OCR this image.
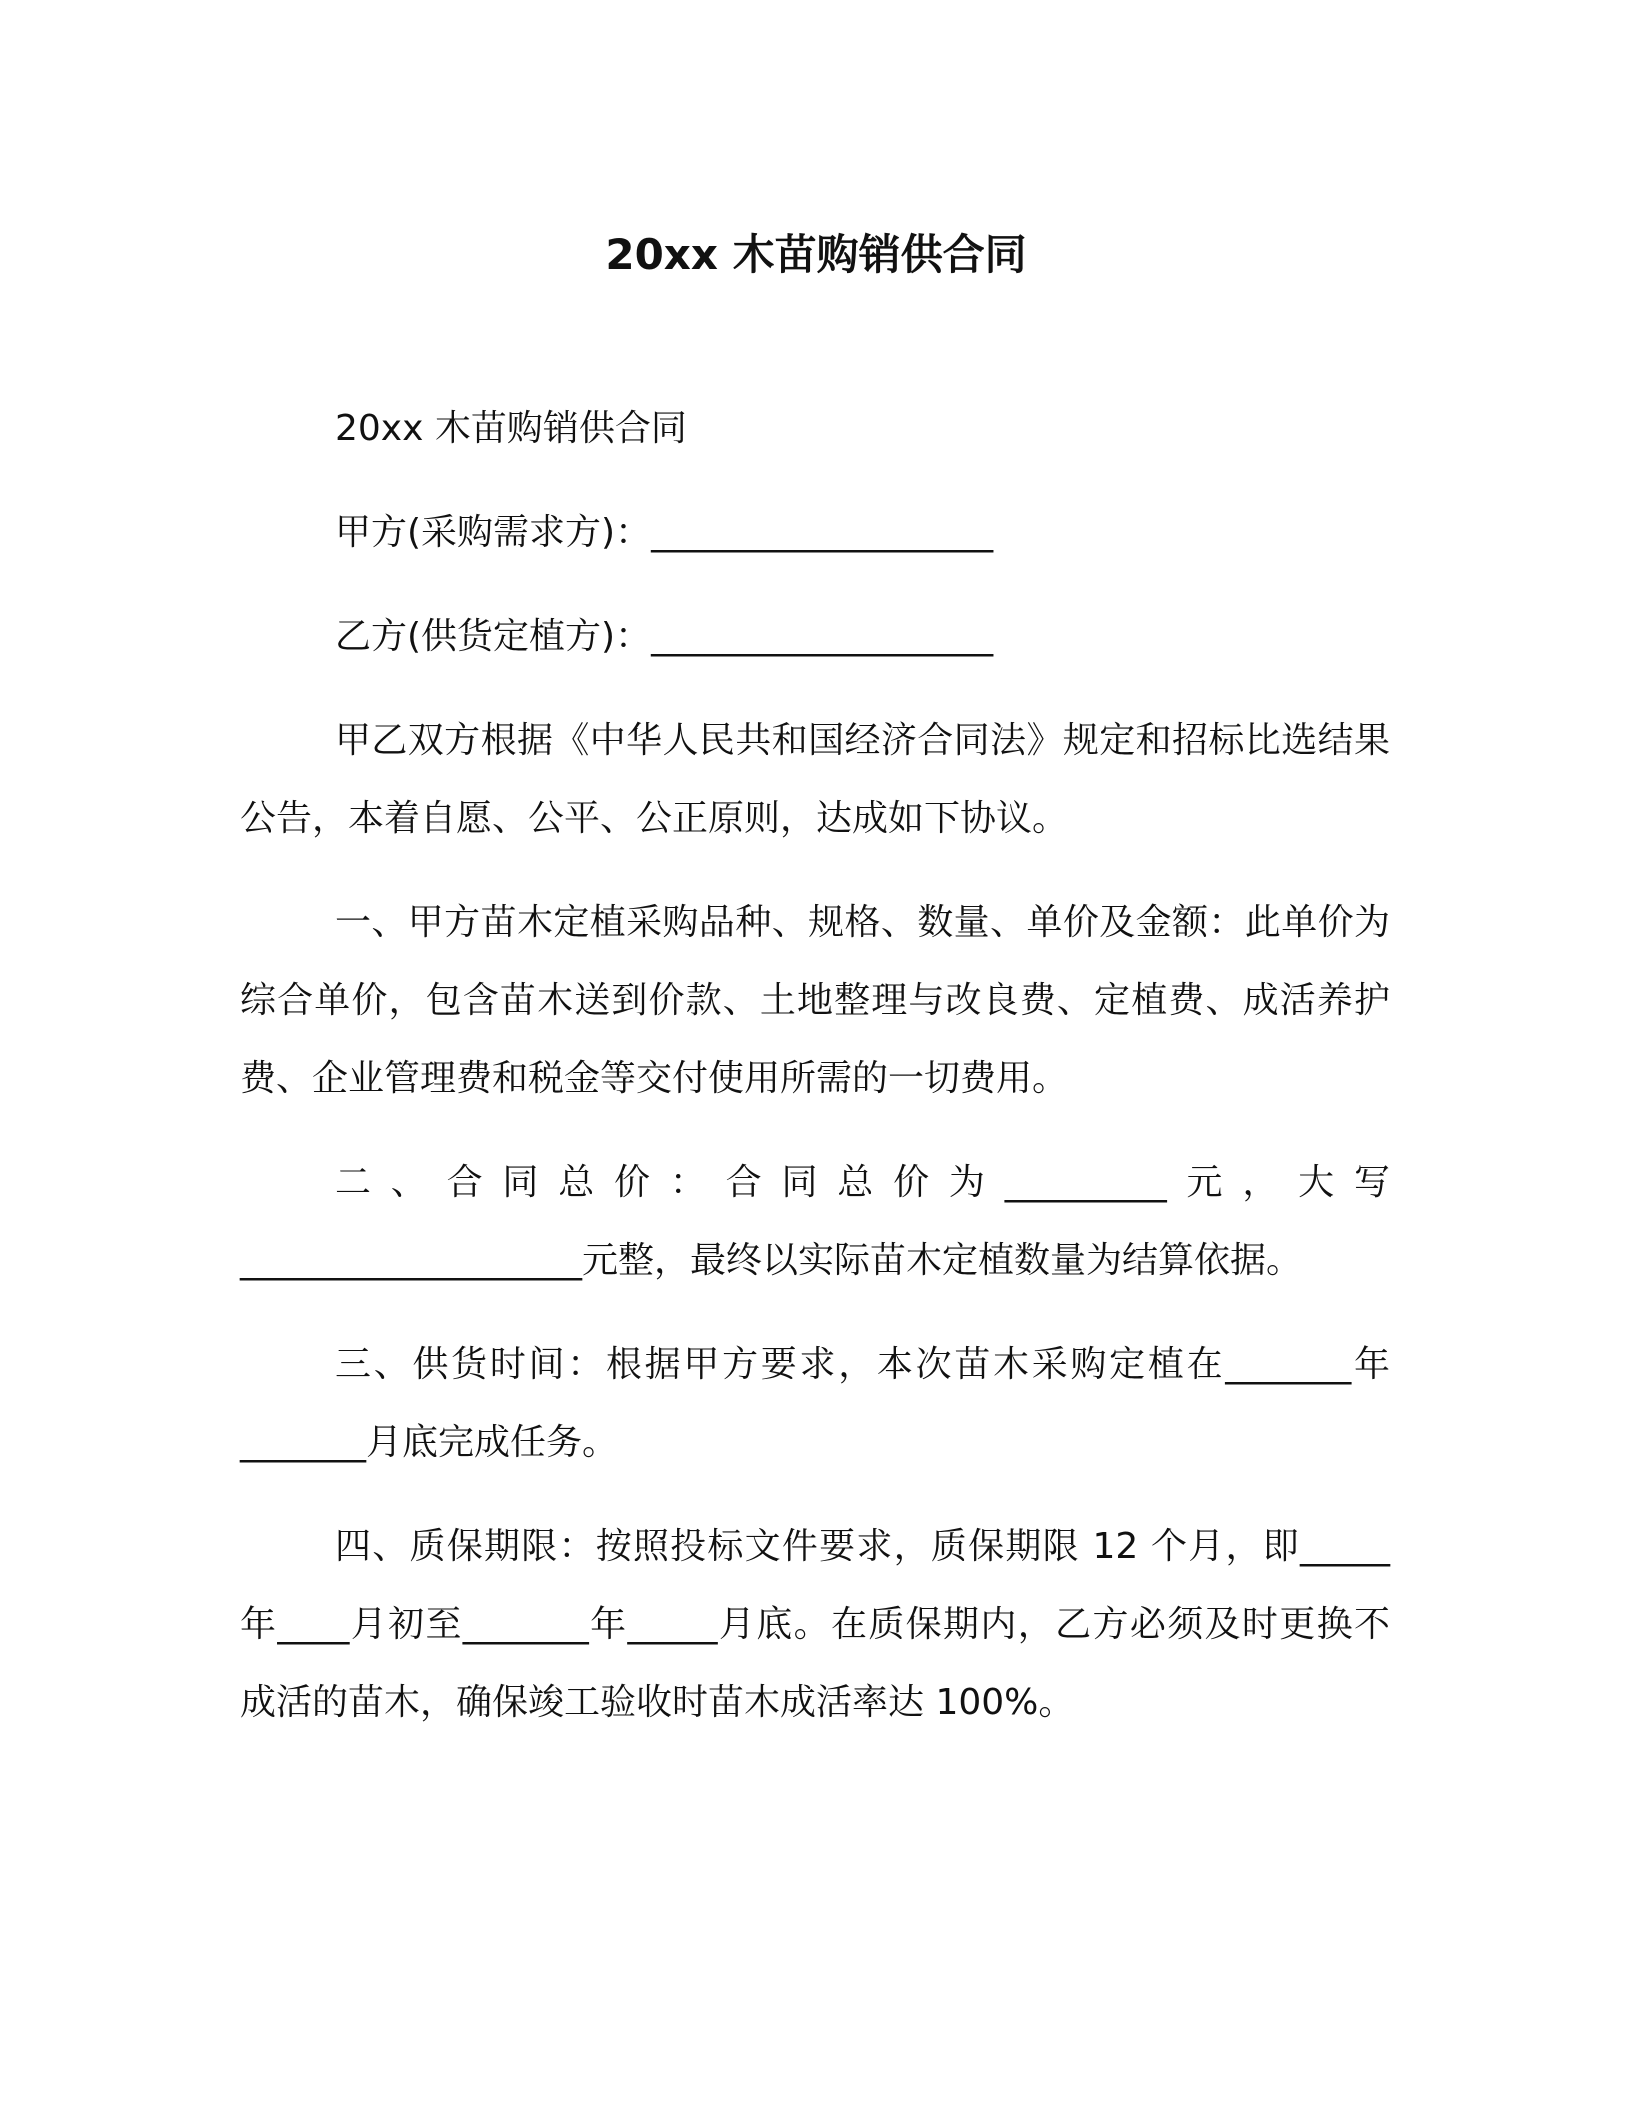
20xx 木苗购销供合同

20xx 木苗购销供合同

甲方(采购需求方)：___________________

乙方(供货定植方)：___________________

甲乙双方根据《中华人民共和国经济合同法》规定和招标比选结果公告，本着自愿、公平、公正原则，达成如下协议。

一、甲方苗木定植采购品种、规格、数量、单价及金额：此单价为综合单价，包含苗木送到价款、土地整理与改良费、定植费、成活养护费、企业管理费和税金等交付使用所需的一切费用。

二、合同总价：合同总价为_________元，大写___________________元整，最终以实际苗木定植数量为结算依据。

三、供货时间：根据甲方要求，本次苗木采购定植在_______年_______月底完成任务。

四、质保期限：按照投标文件要求，质保期限 12 个月，即_____年____月初至_______年_____月底。在质保期内，乙方必须及时更换不成活的苗木，确保竣工验收时苗木成活率达 100%。
